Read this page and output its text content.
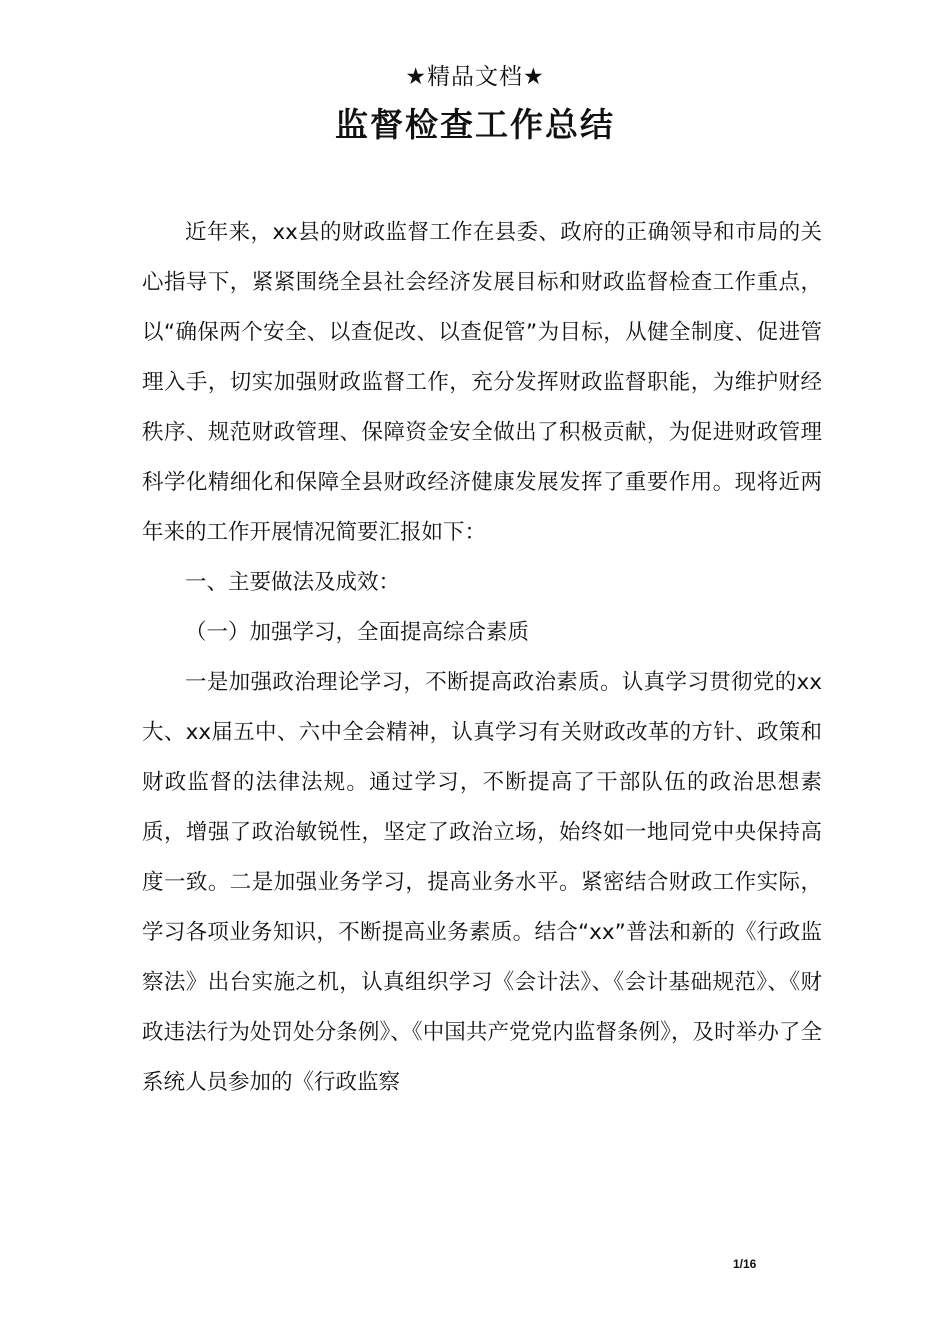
★精品文档★
监督检查工作总结

近年来，xx县的财政监督工作在县委、政府的正确领导和市局的关心指导下，紧紧围绕全县社会经济发展目标和财政监督检查工作重点，以“确保两个安全、以查促改、以查促管”为目标，从健全制度、促进管理入手，切实加强财政监督工作，充分发挥财政监督职能，为维护财经秩序、规范财政管理、保障资金安全做出了积极贡献，为促进财政管理科学化精细化和保障全县财政经济健康发展发挥了重要作用。现将近两年来的工作开展情况简要汇报如下：

一、主要做法及成效：

（一）加强学习，全面提高综合素质

一是加强政治理论学习，不断提高政治素质。认真学习贯彻党的xx大、xx届五中、六中全会精神，认真学习有关财政改革的方针、政策和财政监督的法律法规。通过学习，不断提高了干部队伍的政治思想素质，增强了政治敏锐性，坚定了政治立场，始终如一地同党中央保持高度一致。二是加强业务学习，提高业务水平。紧密结合财政工作实际，学习各项业务知识，不断提高业务素质。结合“xx”普法和新的《行政监察法》出台实施之机，认真组织学习《会计法》、《会计基础规范》、《财政违法行为处罚处分条例》、《中国共产党党内监督条例》，及时举办了全系统人员参加的《行政监察

1/16
